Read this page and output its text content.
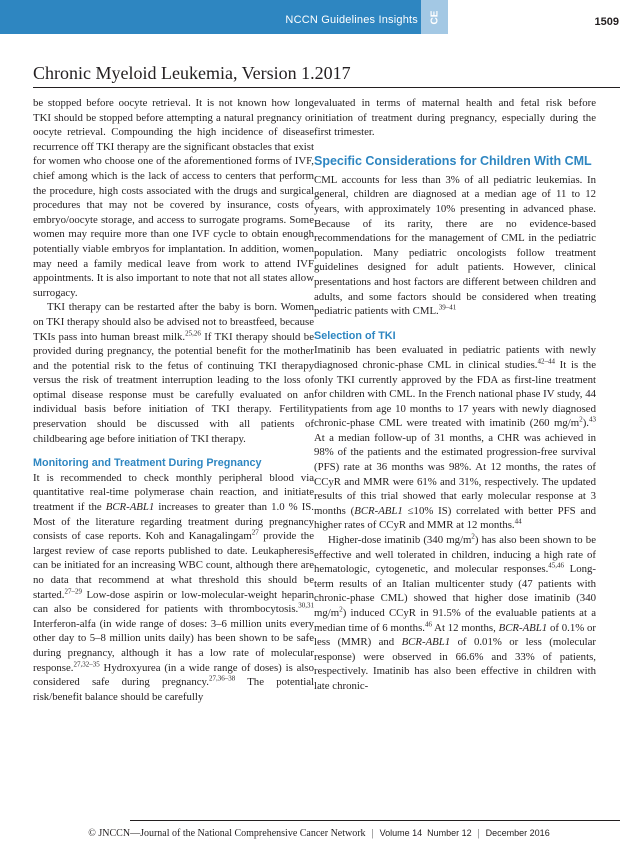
NCCN Guidelines Insights CE	1509
Chronic Myeloid Leukemia, Version 1.2017

be stopped before oocyte retrieval. It is not known how long TKI should be stopped before attempting a natural pregnancy or oocyte retrieval. Compounding the high incidence of disease recurrence off TKI therapy are the significant obstacles that exist for women who choose one of the aforementioned forms of IVF, chief among which is the lack of access to centers that perform the procedure, high costs associated with the drugs and surgical procedures that may not be covered by insurance, costs of embryo/oocyte storage, and access to surrogate programs. Some women may require more than one IVF cycle to obtain enough potentially viable embryos for implantation. In addition, women may need a family medical leave from work to attend IVF appointments. It is also important to note that not all states allow surrogacy.

TKI therapy can be restarted after the baby is born. Women on TKI therapy should also be advised not to breastfeed, because TKIs pass into human breast milk.$^{25,26}$ If TKI therapy should be provided during pregnancy, the potential benefit for the mother and the potential risk to the fetus of continuing TKI therapy versus the risk of treatment interruption leading to the loss of optimal disease response must be carefully evaluated on an individual basis before initiation of TKI therapy. Fertility preservation should be discussed with all patients of childbearing age before initiation of TKI therapy.

Monitoring and Treatment During Pregnancy

It is recommended to check monthly peripheral blood via quantitative real-time polymerase chain reaction, and initiate treatment if the BCR-ABL1 increases to greater than 1.0 % IS. Most of the literature regarding treatment during pregnancy consists of case reports. Koh and Kanagalingam$^{27}$ provide the largest review of case reports published to date. Leukapheresis can be initiated for an increasing WBC count, although there are no data that recommend at what threshold this should be started.$^{27-29}$ Low-dose aspirin or low-molecular-weight heparin can also be considered for patients with thrombocytosis.$^{30,31}$ Interferon-alfa (in wide range of doses: 3–6 million units every other day to 5–8 million units daily) has been shown to be safe during pregnancy, although it has a low rate of molecular response.$^{27,32-35}$ Hydroxyurea (in a wide range of doses) is also considered safe during pregnancy.$^{27,36-38}$ The potential risk/benefit balance should be carefully

evaluated in terms of maternal health and fetal risk before initiation of treatment during pregnancy, especially during the first trimester.

Specific Considerations for Children With CML

CML accounts for less than 3% of all pediatric leukemias. In general, children are diagnosed at a median age of 11 to 12 years, with approximately 10% presenting in advanced phase. Because of its rarity, there are no evidence-based recommendations for the management of CML in the pediatric population. Many pediatric oncologists follow treatment guidelines designed for adult patients. However, clinical presentations and host factors are different between children and adults, and some factors should be considered when treating pediatric patients with CML.$^{39-41}$

Selection of TKI

Imatinib has been evaluated in pediatric patients with newly diagnosed chronic-phase CML in clinical studies.$^{42-44}$ It is the only TKI currently approved by the FDA as first-line treatment for children with CML. In the French national phase IV study, 44 patients from age 10 months to 17 years with newly diagnosed chronic-phase CML were treated with imatinib (260 $mg/m^2).^{43}$ At a median follow-up of 31 months, a CHR was achieved in 98% of the patients and the estimated progression-free survival (PFS) rate at 36 months was 98%. At 12 months, the rates of CCyR and MMR were 61% and 31%, respectively. The updated results of this trial showed that early molecular response at 3 months (BCR-ABL1 ≤10% IS) correlated with better PFS and higher rates of CCyR and MMR at 12 months.$^{44}$

Higher-dose imatinib (340 $mg/m^2$) has also been shown to be effective and well tolerated in children, inducing a high rate of hematologic, cytogenetic, and molecular responses.$^{45,46}$ Long-term results of an Italian multicenter study (47 patients with chronic-phase CML) showed that higher dose imatinib (340 $mg/m^2$) induced CCyR in 91.5% of the evaluable patients at a median time of 6 months.$^{46}$ At 12 months, BCR-ABL1 of 0.1% or less (MMR) and BCR-ABL1 of 0.01% or less (molecular response) were observed in 66.6% and 33% of patients, respectively. Imatinib has also been effective in children with late chronic-

© JNCCN—Journal of the National Comprehensive Cancer Network | Volume 14 Number 12 | December 2016
